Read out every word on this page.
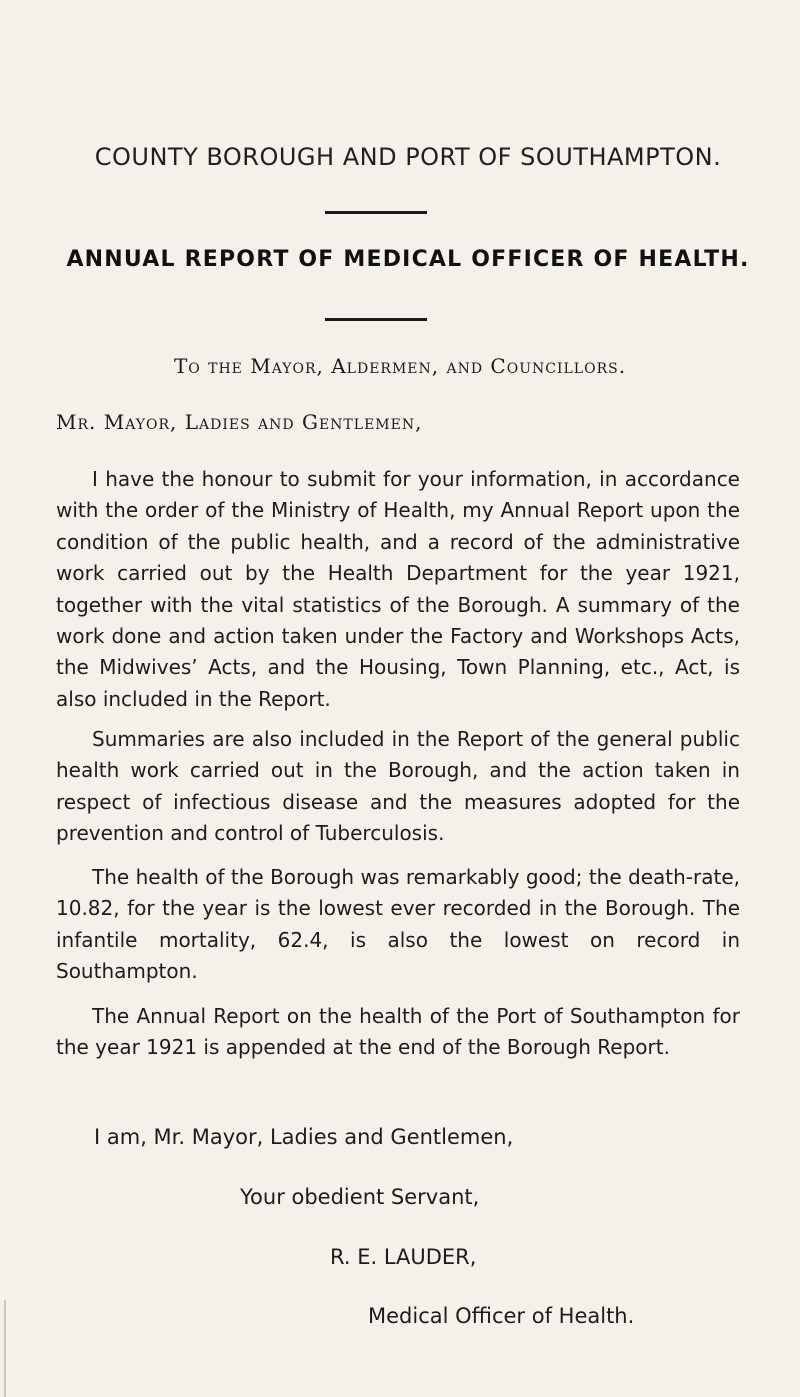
COUNTY BOROUGH AND PORT OF SOUTHAMPTON.
ANNUAL REPORT OF MEDICAL OFFICER OF HEALTH.
To the Mayor, Aldermen, and Councillors.
Mr. Mayor, Ladies and Gentlemen,

I have the honour to submit for your information, in accordance with the order of the Ministry of Health, my Annual Report upon the condition of the public health, and a record of the administrative work carried out by the Health Department for the year 1921, together with the vital statistics of the Borough. A summary of the work done and action taken under the Factory and Workshops Acts, the Midwives’ Acts, and the Housing, Town Planning, etc., Act, is also included in the Report.

Summaries are also included in the Report of the general public health work carried out in the Borough, and the action taken in respect of infectious disease and the measures adopted for the prevention and control of Tuberculosis.

The health of the Borough was remarkably good; the death-rate, 10.82, for the year is the lowest ever recorded in the Borough. The infantile mortality, 62.4, is also the lowest on record in Southampton.

The Annual Report on the health of the Port of Southampton for the year 1921 is appended at the end of the Borough Report.

I am, Mr. Mayor, Ladies and Gentlemen,
Your obedient Servant,
R. E. LAUDER,
Medical Officer of Health.
